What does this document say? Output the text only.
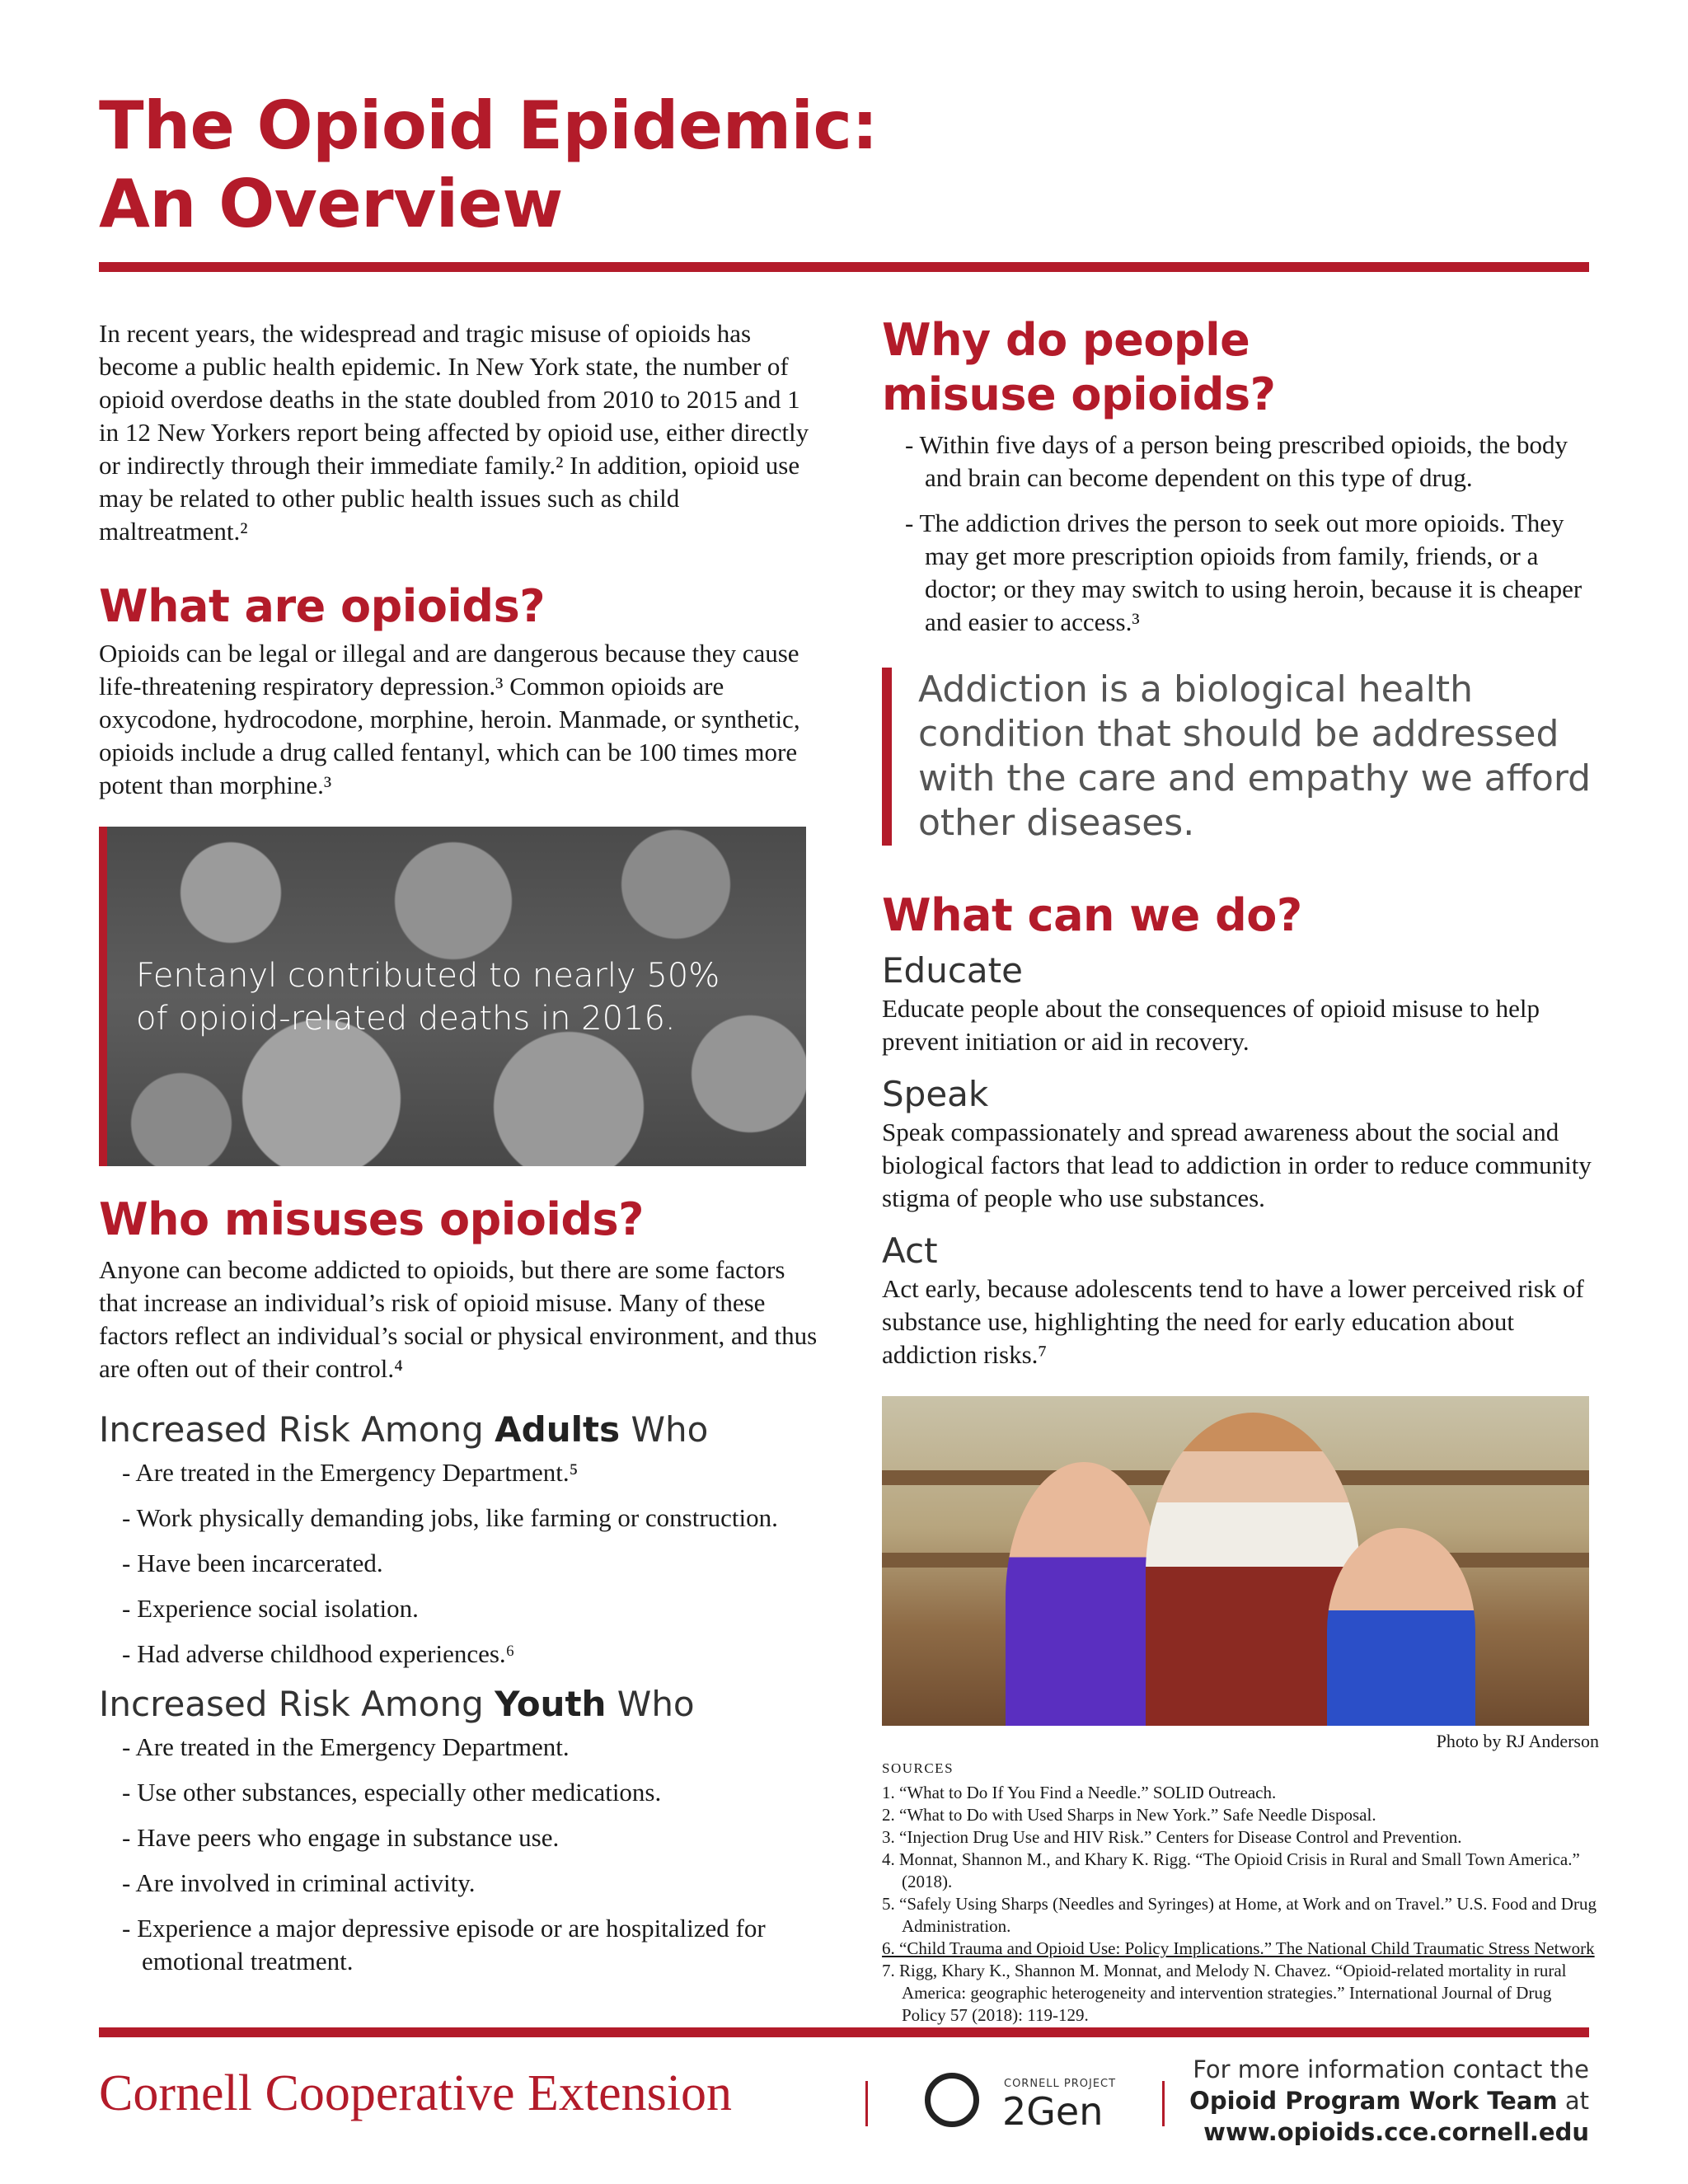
The Opioid Epidemic:
An Overview

In recent years, the widespread and tragic misuse of opioids has become a public health epidemic. In New York state, the number of opioid overdose deaths in the state doubled from 2010 to 2015 and 1 in 12 New Yorkers report being affected by opioid use, either directly or indirectly through their immediate family.² In addition, opioid use may be related to other public health issues such as child maltreatment.²

What are opioids?

Opioids can be legal or illegal and are dangerous because they cause life-threatening respiratory depression.³ Common opioids are oxycodone, hydrocodone, morphine, heroin. Manmade, or synthetic, opioids include a drug called fentanyl, which can be 100 times more potent than morphine.³

Fentanyl contributed to nearly 50%
of opioid-related deaths in 2016.
Who misuses opioids?

Anyone can become addicted to opioids, but there are some factors that increase an individual’s risk of opioid misuse. Many of these factors reflect an individual’s social or physical environment, and thus are often out of their control.⁴

Increased Risk Among Adults Who
- Are treated in the Emergency Department.⁵
- Work physically demanding jobs, like farming or construction.
- Have been incarcerated.
- Experience social isolation.
- Had adverse childhood experiences.⁶
Increased Risk Among Youth Who
- Are treated in the Emergency Department.
- Use other substances, especially other medications.
- Have peers who engage in substance use.
- Are involved in criminal activity.
- Experience a major depressive episode or are hospitalized for emotional treatment.
Why do people
misuse opioids?
- Within five days of a person being prescribed opioids, the body and brain can become dependent on this type of drug.
- The addiction drives the person to seek out more opioids. They may get more prescription opioids from family, friends, or a doctor; or they may switch to using heroin, because it is cheaper and easier to access.³
Addiction is a biological health condition that should be addressed with the care and empathy we afford other diseases.
What can we do?
Educate

Educate people about the consequences of opioid misuse to help prevent initiation or aid in recovery.

Speak

Speak compassionately and spread awareness about the social and biological factors that lead to addiction in order to reduce community stigma of people who use substances.

Act

Act early, because adolescents tend to have a lower perceived risk of substance use, highlighting the need for early education about addiction risks.⁷

Photo by RJ Anderson
SOURCES
1. “What to Do If You Find a Needle.” SOLID Outreach.
2. “What to Do with Used Sharps in New York.” Safe Needle Disposal.
3. “Injection Drug Use and HIV Risk.” Centers for Disease Control and Prevention.
4. Monnat, Shannon M., and Khary K. Rigg. “The Opioid Crisis in Rural and Small Town America.” (2018).
5. “Safely Using Sharps (Needles and Syringes) at Home, at Work and on Travel.” U.S. Food and Drug Administration.
6. “Child Trauma and Opioid Use: Policy Implications.” The National Child Traumatic Stress Network
7. Rigg, Khary K., Shannon M. Monnat, and Melody N. Chavez. “Opioid-related mortality in rural America: geographic heterogeneity and intervention strategies.” International Journal of Drug Policy 57 (2018): 119-129.
Cornell Cooperative Extension	CORNELL PROJECT
2Gen
For more information contact the
Opioid Program Work Team at
www.opioids.cce.cornell.edu
